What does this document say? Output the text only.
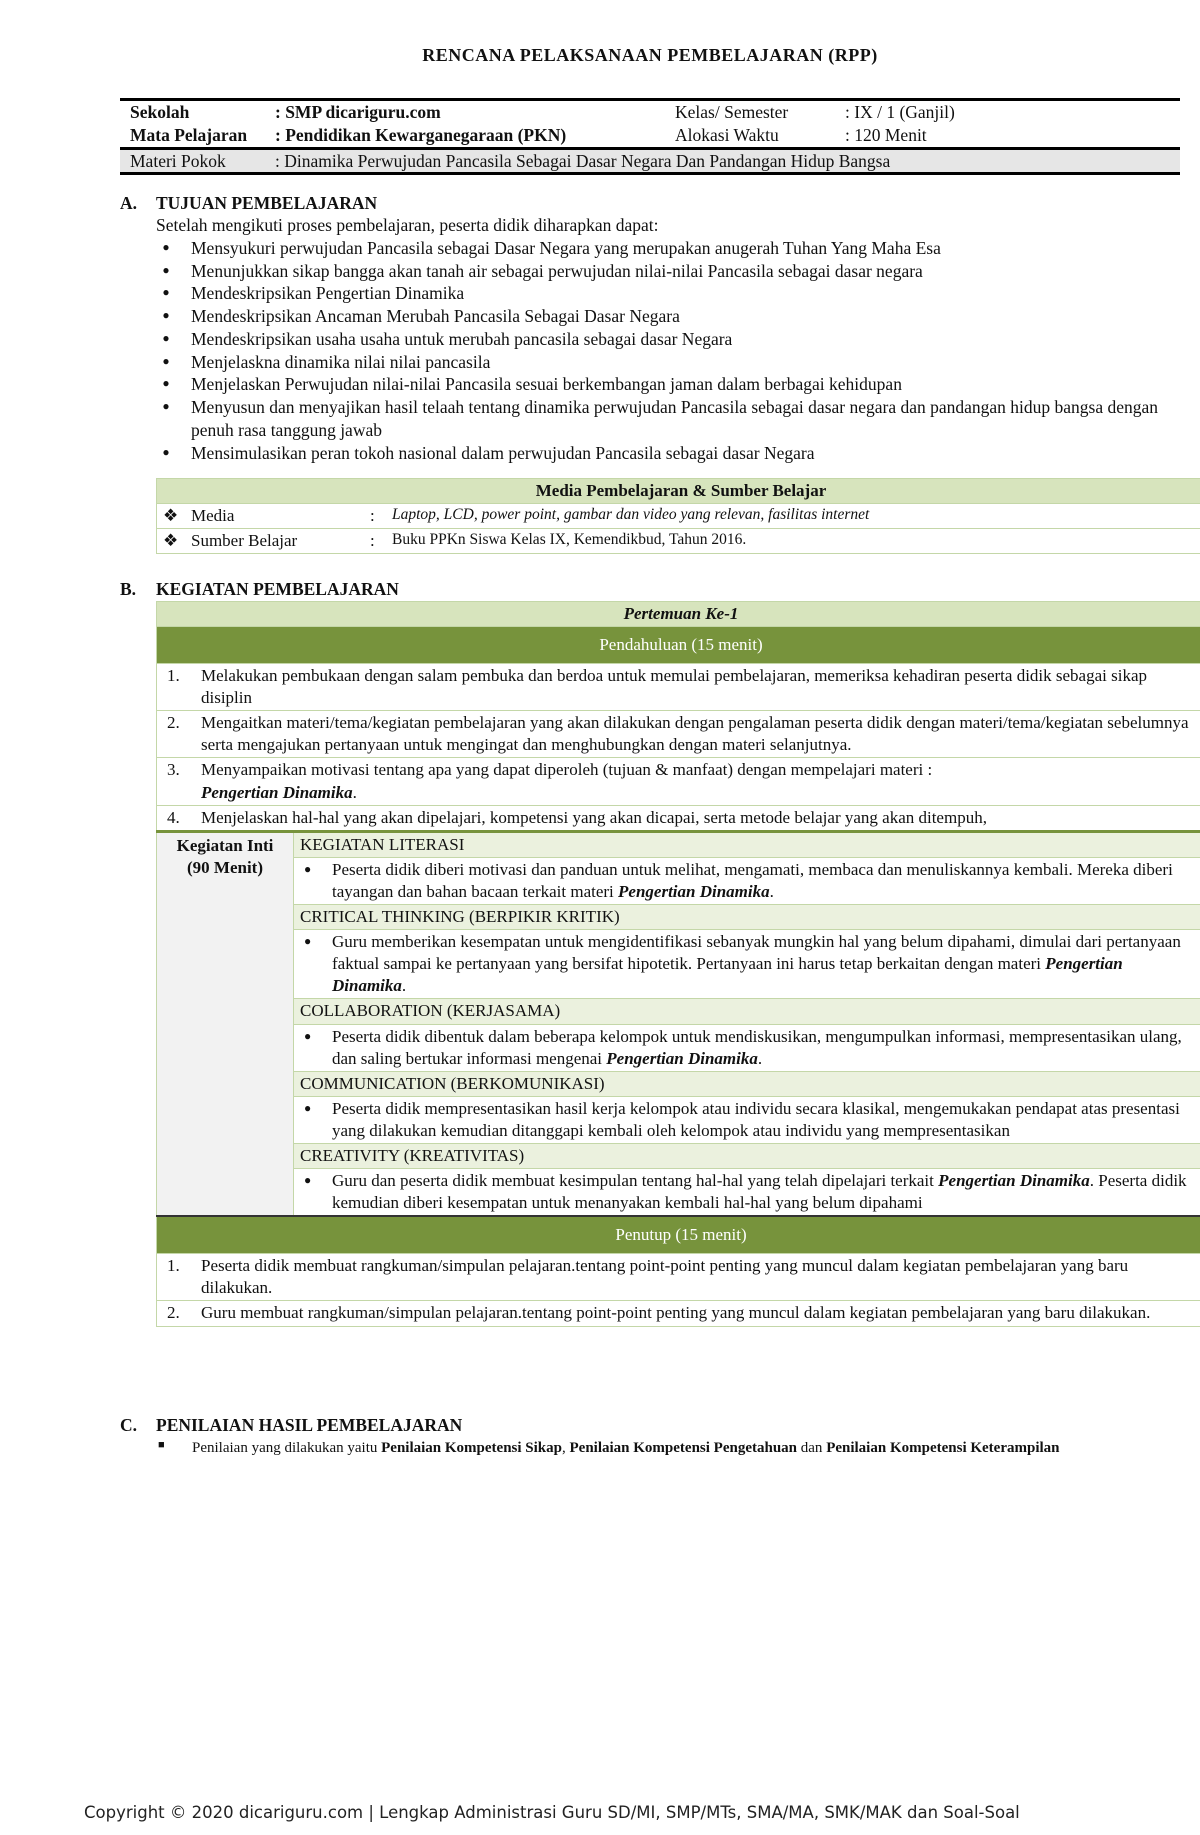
RENCANA PELAKSANAAN PEMBELAJARAN (RPP)
Sekolah	: SMP dicariguru.com	Kelas/ Semester	: IX / 1 (Ganjil)
Mata Pelajaran	: Pendidikan Kewarganegaraan (PKN)	Alokasi Waktu	: 120 Menit
Materi Pokok	: Dinamika Perwujudan Pancasila Sebagai Dasar Negara Dan Pandangan Hidup Bangsa		
A. TUJUAN PEMBELAJARAN
Setelah mengikuti proses pembelajaran, peserta didik diharapkan dapat:
●	Mensyukuri perwujudan Pancasila sebagai Dasar Negara yang merupakan anugerah Tuhan Yang Maha Esa
●	Menunjukkan sikap bangga akan tanah air sebagai perwujudan nilai-nilai Pancasila sebagai dasar negara
●	Mendeskripsikan Pengertian Dinamika
●	Mendeskripsikan Ancaman Merubah Pancasila Sebagai Dasar Negara
●	Mendeskripsikan usaha usaha untuk merubah pancasila sebagai dasar Negara
●	Menjelaskna dinamika nilai nilai pancasila
●	Menjelaskan Perwujudan nilai-nilai Pancasila sesuai berkembangan jaman dalam berbagai kehidupan
●	Menyusun dan menyajikan hasil telaah tentang dinamika perwujudan Pancasila sebagai dasar negara dan pandangan hidup bangsa dengan penuh rasa tanggung jawab
●	Mensimulasikan peran tokoh nasional dalam perwujudan Pancasila sebagai dasar Negara
Media Pembelajaran & Sumber Belajar		
❖ Media	:	Laptop, LCD, power point, gambar dan video yang relevan, fasilitas internet
❖ Sumber Belajar	:	Buku PPKn Siswa Kelas IX, Kemendikbud, Tahun 2016.
B. KEGIATAN PEMBELAJARAN
Pertemuan Ke-1
Pendahuluan (15 menit)

1. Melakukan pembukaan dengan salam pembuka dan berdoa untuk memulai pembelajaran, memeriksa kehadiran peserta didik sebagai sikap disiplin

2. Mengaitkan materi/tema/kegiatan pembelajaran yang akan dilakukan dengan pengalaman peserta didik dengan materi/tema/kegiatan sebelumnya serta mengajukan pertanyaan untuk mengingat dan menghubungkan dengan materi selanjutnya.

3. Menyampaikan motivasi tentang apa yang dapat diperoleh (tujuan & manfaat) dengan mempelajari materi :
Pengertian Dinamika.

4. Menjelaskan hal-hal yang akan dipelajari, kompetensi yang akan dicapai, serta metode belajar yang akan ditempuh,
Kegiatan Inti (90 Menit)	KEGIATAN LITERASI

● Peserta didik diberi motivasi dan panduan untuk melihat, mengamati, membaca dan menuliskannya kembali. Mereka diberi tayangan dan bahan bacaan terkait materi Pengertian Dinamika.
CRITICAL THINKING (BERPIKIR KRITIK)

● Guru memberikan kesempatan untuk mengidentifikasi sebanyak mungkin hal yang belum dipahami, dimulai dari pertanyaan faktual sampai ke pertanyaan yang bersifat hipotetik. Pertanyaan ini harus tetap berkaitan dengan materi Pengertian Dinamika.
COLLABORATION (KERJASAMA)

● Peserta didik dibentuk dalam beberapa kelompok untuk mendiskusikan, mengumpulkan informasi, mempresentasikan ulang, dan saling bertukar informasi mengenai Pengertian Dinamika.
COMMUNICATION (BERKOMUNIKASI)

● Peserta didik mempresentasikan hasil kerja kelompok atau individu secara klasikal, mengemukakan pendapat atas presentasi yang dilakukan kemudian ditanggapi kembali oleh kelompok atau individu yang mempresentasikan
CREATIVITY (KREATIVITAS)

● Guru dan peserta didik membuat kesimpulan tentang hal-hal yang telah dipelajari terkait Pengertian Dinamika. Peserta didik kemudian diberi kesempatan untuk menanyakan kembali hal-hal yang belum dipahami
Penutup (15 menit)

1. Peserta didik membuat rangkuman/simpulan pelajaran.tentang point-point penting yang muncul dalam kegiatan pembelajaran yang baru dilakukan.

2. Guru membuat rangkuman/simpulan pelajaran.tentang point-point penting yang muncul dalam kegiatan pembelajaran yang baru dilakukan.
C. PENILAIAN HASIL PEMBELAJARAN
■ Penilaian yang dilakukan yaitu Penilaian Kompetensi Sikap, Penilaian Kompetensi Pengetahuan dan Penilaian Kompetensi Keterampilan
Copyright © 2020 dicariguru.com | Lengkap Administrasi Guru SD/MI, SMP/MTs, SMA/MA, SMK/MAK dan Soal-Soal
